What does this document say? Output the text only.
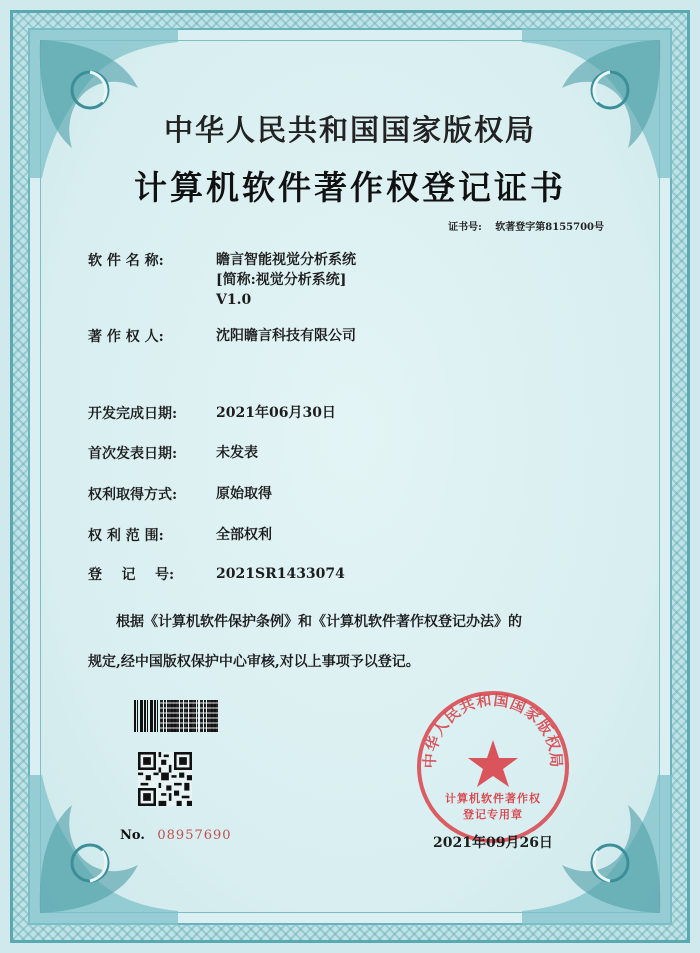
中华人民共和国国家版权局
计算机软件著作权登记证书
证书号: 软著登字第8155700号
软 件 名 称:	瞻言智能视觉分析系统
[简称:视觉分析系统]
V1.0
著 作 权 人:	沈阳瞻言科技有限公司
开发完成日期:	2021年06月30日
首次发表日期:	未发表
权利取得方式:	原始取得
权 利 范 围:	全部权利
登    记    号:	2021SR1433074
根据《计算机软件保护条例》和《计算机软件著作权登记办法》的
规定,经中国版权保护中心审核,对以上事项予以登记。
No. 08957690
中华人民共和国国家版权局
计算机软件著作权
登记专用章
2021年09月26日
